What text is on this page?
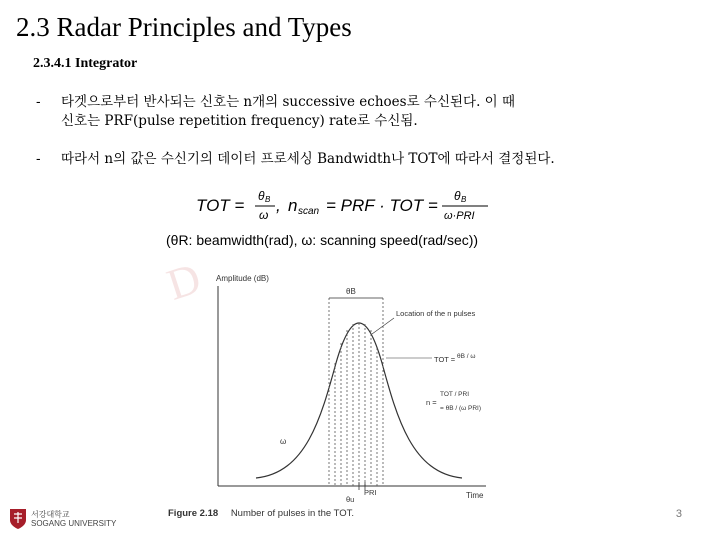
2.3 Radar Principles and Types
2.3.4.1 Integrator
- 타겟으로부터 반사되는 신호는 n개의 successive echoes로 수신된다. 이 때
신호는 PRF(pulse repetition frequency) rate로 수신됨.
- 따라서 n의 값은 수신기의 데이터 프로세싱 Bandwidth나 TOT에 따라서 결정된다.
D
TOT = θ B
ω , n scan = PRF · TOT = θ B
ω·PRI
(θR: beamwidth(rad), ω: scanning speed(rad/sec))
Amplitude (dB)
Time
θB
Location of the n pulses
TOT = θB / ω
n =
TOT / PRI
= θB / (ω PRI)
ω
PRI
θu
Figure 2.18 Number of pulses in the TOT.
서강대학교
SOGANG UNIVERSITY
3
